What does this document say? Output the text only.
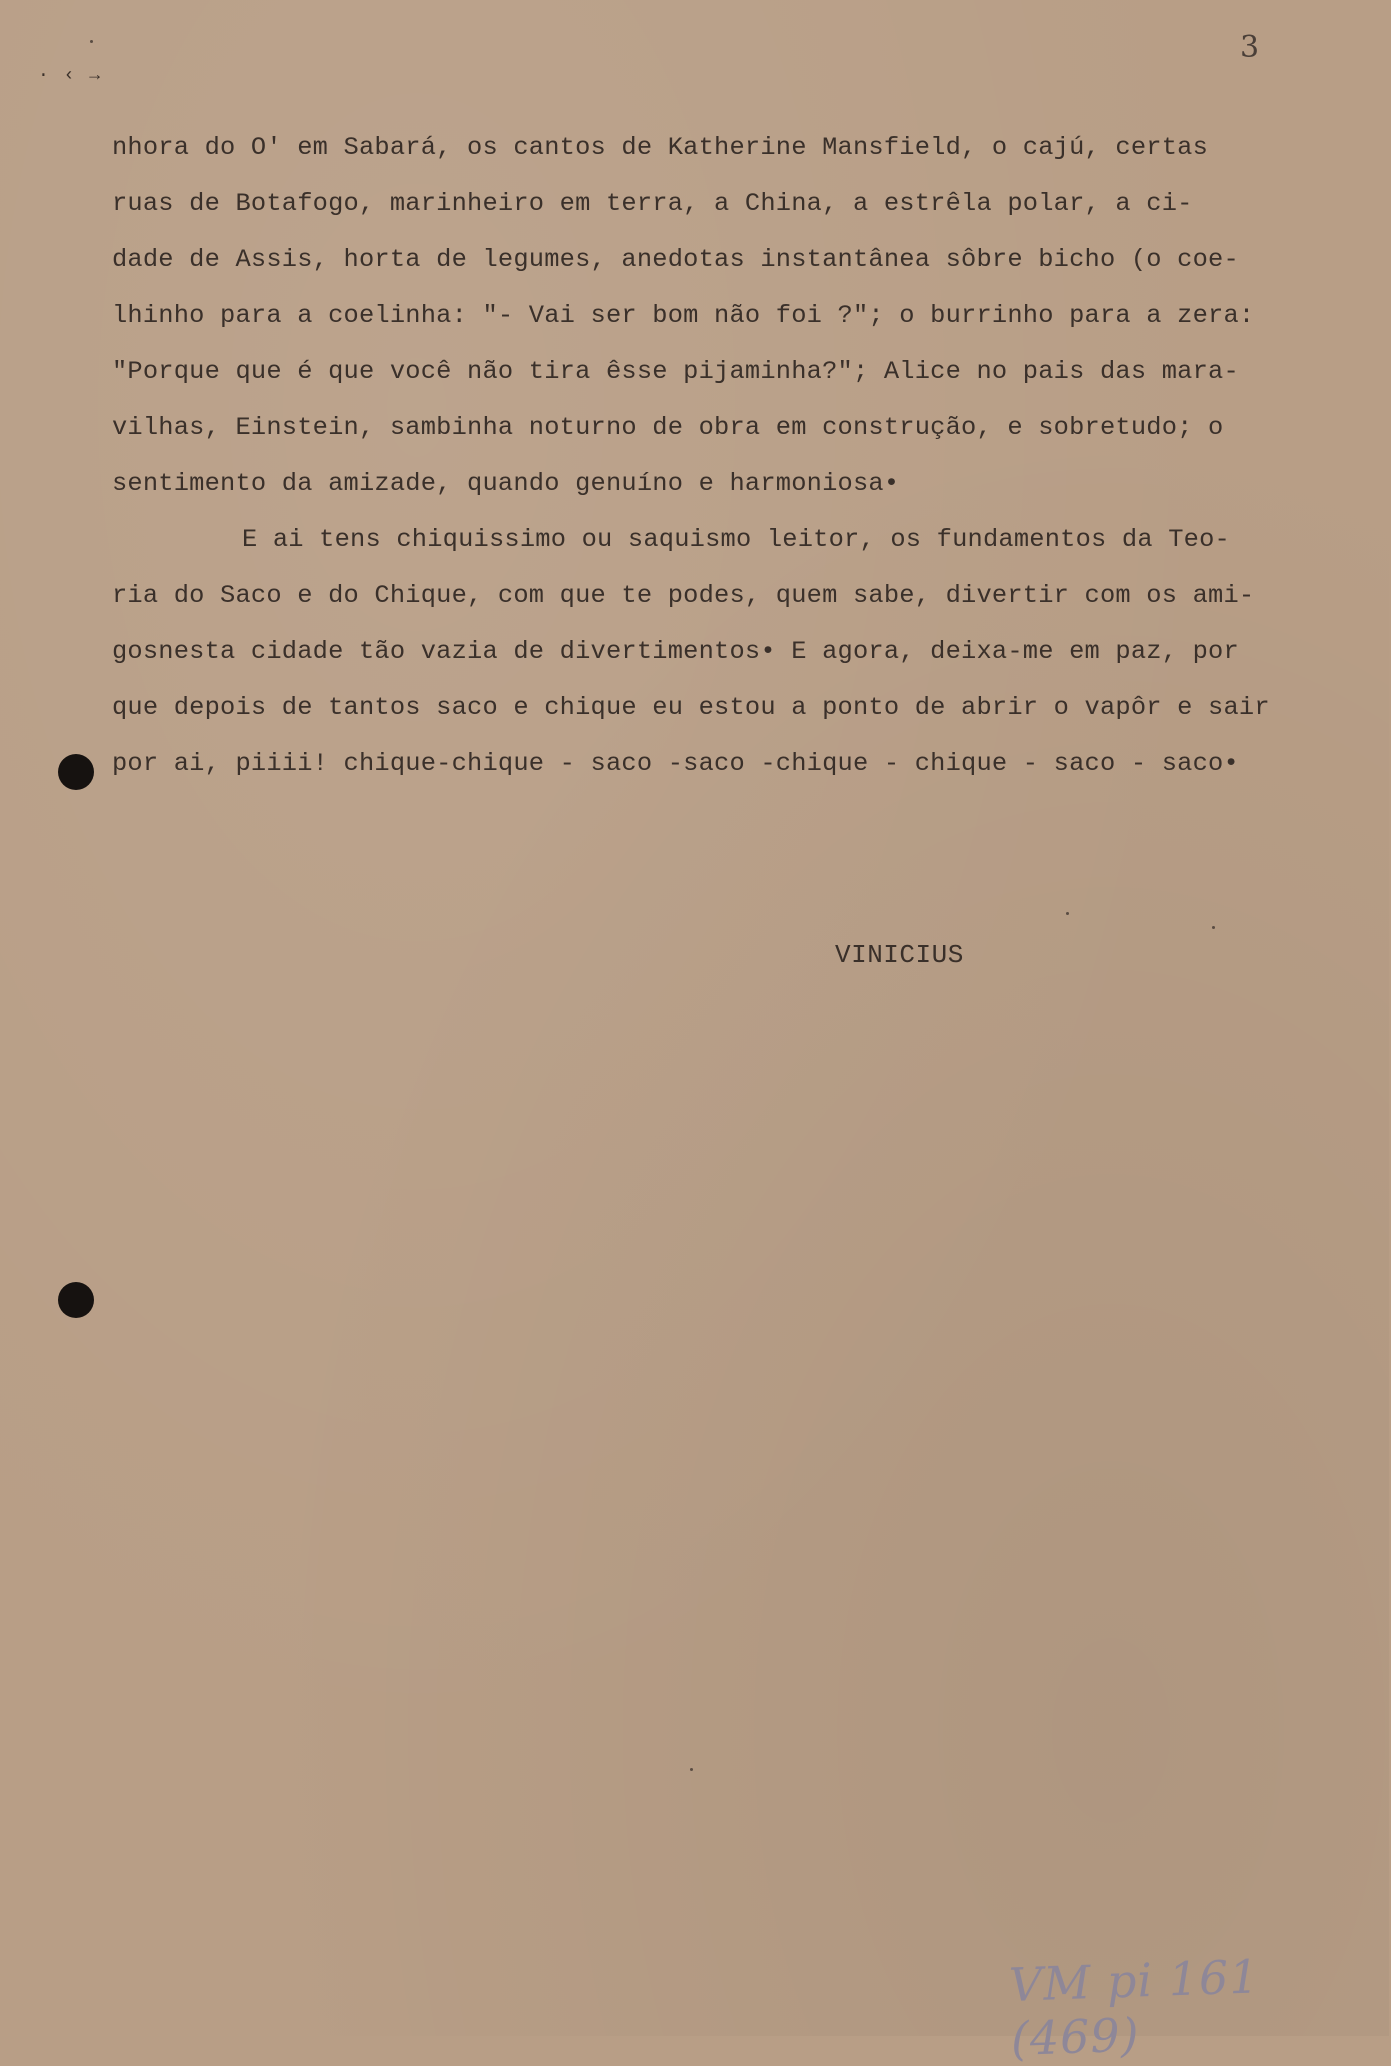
3
· ‹ →
nhora do O' em Sabará, os cantos de Katherine Mansfield, o cajú, certas
ruas de Botafogo, marinheiro em terra, a China, a estrêla polar, a ci-
dade de Assis, horta de legumes, anedotas instantânea sôbre bicho (o coe-
lhinho para a coelinha: "- Vai ser bom não foi ?"; o burrinho para a zera:
"Porque que é que você não tira êsse pijaminha?"; Alice no pais das mara-
vilhas, Einstein, sambinha noturno de obra em construção, e sobretudo; o
sentimento da amizade, quando genuíno e harmoniosa•
E ai tens chiquissimo ou saquismo leitor, os fundamentos da Teo-
ria do Saco e do Chique, com que te podes, quem sabe, divertir com os ami-
gosnesta cidade tão vazia de divertimentos• E agora, deixa-me em paz, por
que depois de tantos saco e chique eu estou a ponto de abrir o vapôr e sair
por ai, piiii! chique-chique - saco -saco -chique - chique - saco - saco•
VINICIUS
VM pi 161 (469)
